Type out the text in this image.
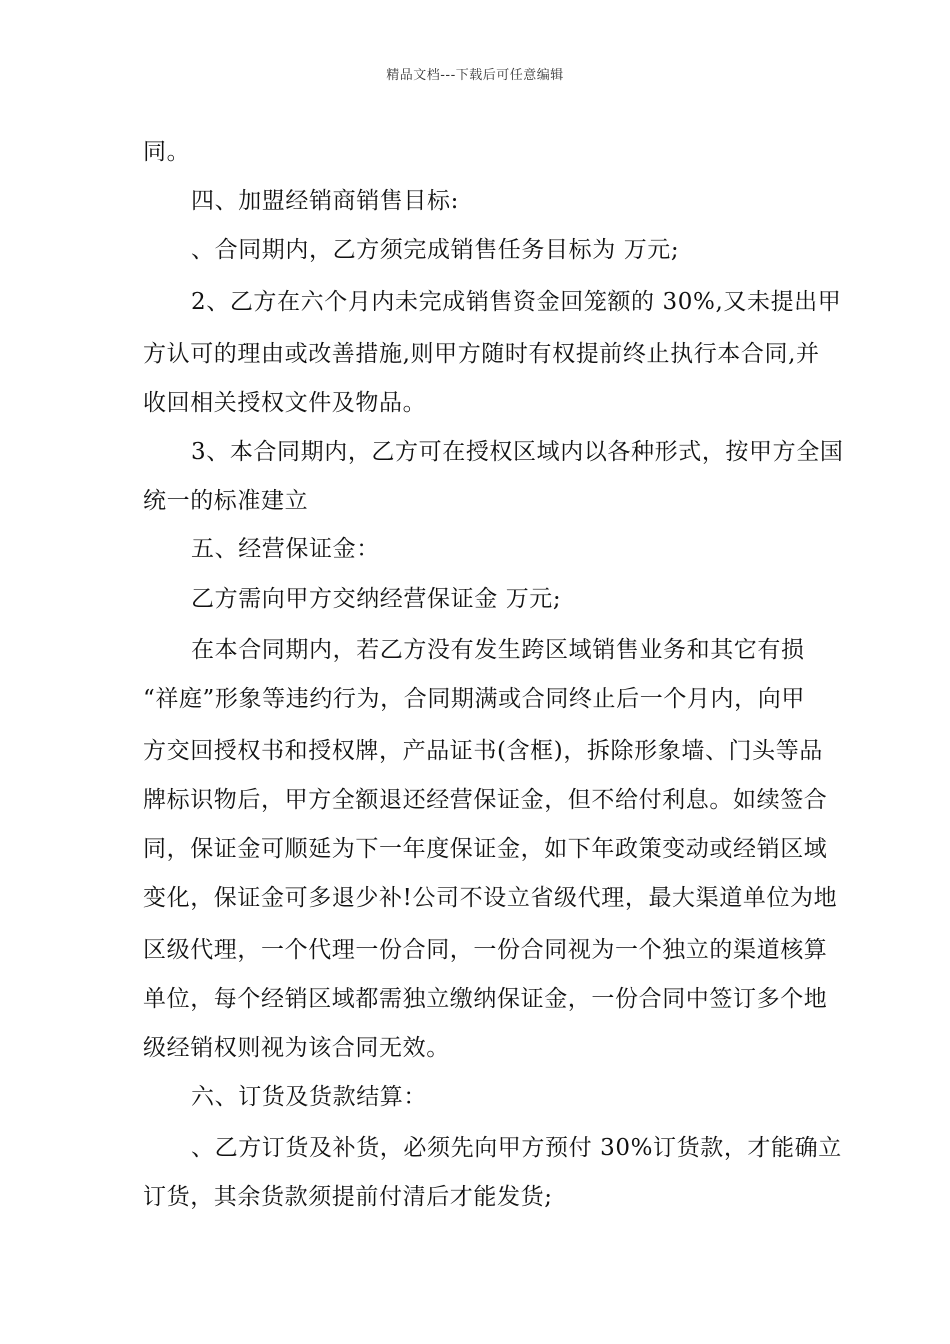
精品文档---下载后可任意编辑
同。
四、加盟经销商销售目标:
、合同期内，乙方须完成销售任务目标为 万元;
2、乙方在六个月内未完成销售资金回笼额的 30%,又未提出甲
方认可的理由或改善措施,则甲方随时有权提前终止执行本合同,并
收回相关授权文件及物品。
3、本合同期内，乙方可在授权区域内以各种形式，按甲方全国
统一的标准建立
五、经营保证金：
乙方需向甲方交纳经营保证金 万元;
在本合同期内，若乙方没有发生跨区域销售业务和其它有损
“祥庭”形象等违约行为，合同期满或合同终止后一个月内，向甲
方交回授权书和授权牌，产品证书(含框)，拆除形象墙、门头等品
牌标识物后，甲方全额退还经营保证金，但不给付利息。如续签合
同，保证金可顺延为下一年度保证金，如下年政策变动或经销区域
变化，保证金可多退少补!公司不设立省级代理，最大渠道单位为地
区级代理，一个代理一份合同，一份合同视为一个独立的渠道核算
单位，每个经销区域都需独立缴纳保证金，一份合同中签订多个地
级经销权则视为该合同无效。
六、订货及货款结算：
、乙方订货及补货，必须先向甲方预付 30%订货款，才能确立
订货，其余货款须提前付清后才能发货;
